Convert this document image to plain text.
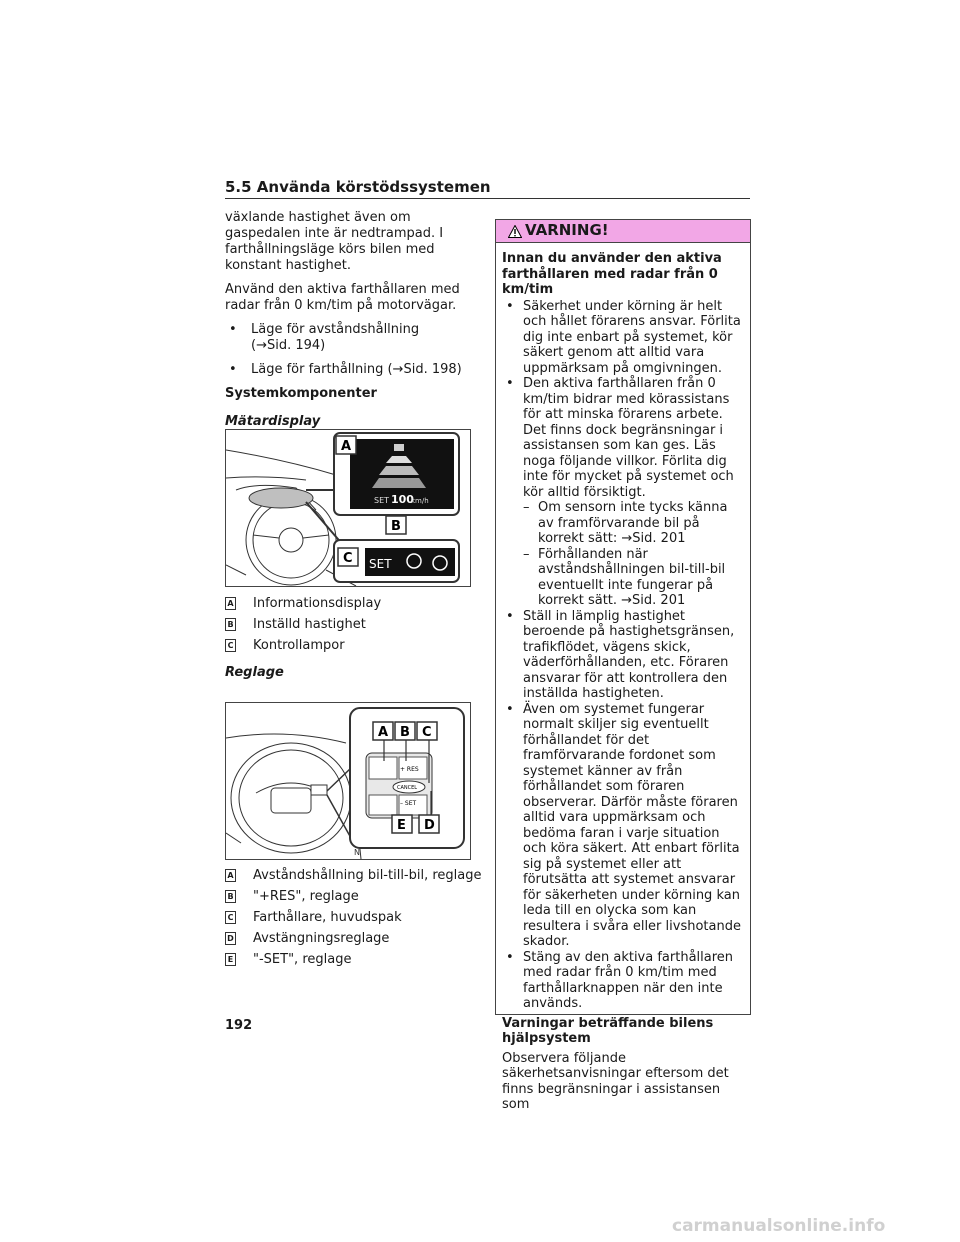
5.5 Använda körstödssystemen

växlande hastighet även om gaspedalen inte är nedtrampad. I farthållningsläge körs bilen med konstant hastighet.

Använd den aktiva farthållaren med radar från 0 km/tim på motorvägar.

• Läge för avståndshållning
(→Sid. 194)
• Läge för farthållning (→Sid. 198)
Systemkomponenter
Mätardisplay
SET 100
km/h
A
B
SET
C
A Informationsdisplay
B Inställd hastighet
C Kontrollampor
Reglage
+ RES
CANCEL
– SET
A B C
E D
N
A Avståndshållning bil-till-bil, reglage
B "+RES", reglage
C Farthållare, huvudspak
D Avstängningsreglage
E "-SET", reglage
VARNING!
Innan du använder den aktiva farthållaren med radar från 0 km/tim
• Säkerhet under körning är helt och hållet förarens ansvar. Förlita dig inte enbart på systemet, kör säkert genom att alltid vara uppmärksam på omgivningen.
• Den aktiva farthållaren från 0 km/tim bidrar med körassistans för att minska förarens arbete. Det finns dock begränsningar i assistansen som kan ges. Läs noga följande villkor. Förlita dig inte för mycket på systemet och kör alltid försiktigt.
– Om sensorn inte tycks känna av framförvarande bil på korrekt sätt: →Sid. 201
– Förhållanden när avståndshållningen bil-till-bil eventuellt inte fungerar på korrekt sätt. →Sid. 201
• Ställ in lämplig hastighet beroende på hastighetsgränsen, trafikflödet, vägens skick, väderförhållanden, etc. Föraren ansvarar för att kontrollera den inställda hastigheten.
• Även om systemet fungerar normalt skiljer sig eventuellt förhållandet för det framförvarande fordonet som systemet känner av från förhållandet som föraren observerar. Därför måste föraren alltid vara uppmärksam och bedöma faran i varje situation och köra säkert. Att enbart förlita sig på systemet eller att förutsätta att systemet ansvarar för säkerheten under körning kan leda till en olycka som kan resultera i svåra eller livshotande skador.
• Stäng av den aktiva farthållaren med radar från 0 km/tim med farthållarknappen när den inte används.
Varningar beträffande bilens hjälpsystem
Observera följande säkerhetsanvisningar eftersom det finns begränsningar i assistansen som
192
carmanualsonline.info
